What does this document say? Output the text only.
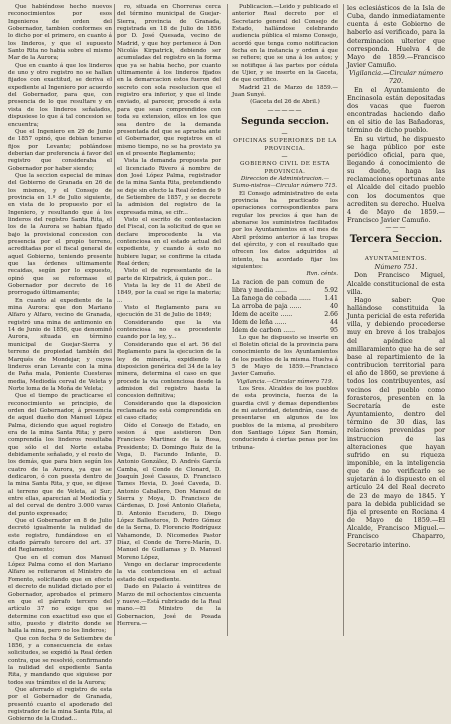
Que habiéndose hecho nuevos reconocimientos por esos Ingenieros de orden del Gobernador, tambien conformes en lo dicho por el primero, en cuanto á los linderos, y que el supuesto Santo Rita no habia sobre el mismo Mar de la Aurora;

Que en cuanto á que los linderos de uno y otro registro no se hallan fijados con exactitud, se deriva el expediente al Ingeniero por acuerdo del Gobernador, para que, con presencia de lo que resultare y en vista de los linderos señalados, dispusiese lo que á tal concesion se encuentra;

Que el Ingeniero en 29 de Junio de 1857 opinó, que debian tenerse fijos por Levante; poblándose deberian dar preferencia á favor del registro que consideraba el Gobernador por haber siendo;

Que la seccion especial de minas del Gobierno de Granada en 26 de los mismos, y el Consejo de provincia en 1.º de Julio siguiente, en vista de lo propuesto por el Ingeniero, y resultando que á los linderos del registro Santa Rita, el los de la Aurora se habian fijado bajo la provisional concesion con presencia por el propio terreno, acreditadas por el fiscal general de aquel Gobierno, teniendo presente que las órdenes ultimamente recaidas, según por lo expuesto, opinó que se reformase el Gobernador por decreto de 16 prorrogado últimamente;

En cuanto al expediente de la mina Aurora: que don Mariano Alfaro y Alfaro, vecino de Granada, registró una mina de antimonio en 14 de Junio de 1856, que denominó Aurora, situada en término municipal de Guejar-Sierra y terreno de propiedad también del Marqués de Mondejar, y cuyos linderos eran Levante con la mina de Paña mala, Poniente Cuesteras media, Mediodía cerval de Veleta y Norte loma de la Moña de Veleta;

Que el tiempo de practicarse el reconocimiento se principio, de orden del Gobernador, á presencia de aquel dueño don Manuel López Palma, diciendo que aquel registro era de la mina Santa Rita; y pero comprendía los linderos resultaba que sólo el del Norte estaba debidamente señalado, y el resto de los demás, que para bien según los cuatro de la Aurora, ya que se dedicaron, ó con puesta dentro de la mina Santa Rita, y que, se dijese al terreno que de Veleta, al Sur; entre ellas, aparecian al Mediodía y al del cerval de dentro 3.000 varas del punto expresado;

Que el Gobernador en 8 de Julio decretó igualmente la nulidad de este registro, fundándose en el citado párrafo tercero del art. 37 del Reglamento;

Que en el comun dos Manuel López Palma como el don Mariano Alfaro se reiteraron el Ministro de Fomento, solicitando que en efecto el decreto de nulidad dictado por el Gobernador, aprobados el primero en que el párrafo tercero del artículo 37 no exige que se determine con exactitud eso que el sitio, puesto y distrito donde se halla la mina, pero no los linderos;

Que con fecha 9 de Setiembre de 1856, y a consecuencia de estas solicitudes, se expidió la Real órden contra, que se resolvió, confirmando la nulidad del expediente Santa Rita, y mandando que siguiese por todos sus trámites el de la Aurora;

Que aferrado el registro de esta por el Gobernador de Granada, presentó cuanto el apoderado del registrador de la mina Santa Rita, al Gobierno de la Ciudad...

ro, situada en Chorreras cerca del término municipal de Guejar-Sierra, provincia de Granada, registrada en 18 de Julio de 1856 por D. José Quesada, vecino de Madrid, y que hoy pertenece á Don Nicolás Kirpatrick, debiendo ser acumuladas del registro en la forma que ya se habia hecho, por cuanto ultimamente á los linderos fijados en la demarcacion estos fueron del secreto con sola resolucion que el registro era inferior, y que el linde enviado, al parecer, procede á esta para que sean comprendidos con toda su extension, ellos en los que sea dentro de la demanda presentada del que se aprueba ante el Gobernador, que registros en el mismo tiempo, no se ha provisto ya en el presente Reglamento;

Vista la demanda propuesta por el licenciado Rivero á nombre de don José López Palma, registrador de la mina Santa Rita, pretendiendo se deje sin efecto la Real órden de 9 de Setiembre de 1857, y se decrete la admision del registro de la expresada mina, se cifr...

Visto el escrito de contestacion del Fiscal, con la solicitud de que se declare improcedente la via contenciosa en el estado actual del expediente, y cuando á esto no hubiere lugar, se confirme la citada Real órden;

Visto el de representante de la parte de Kirpatrick, á quien por...

Vista la ley de 11 de Abril de 1849, por la cual se rige la materia; ...

Visto el Reglamento para su ejecución de 31 de Julio de 1849;

Considerando que la via contenciosa no es procedente cuando por la ley, y...

Considerando que el art. 56 del Reglamento para la ejecucion de la ley de minería, expidiendo la disposicion genérica del 34 de la ley minera, determina el caso en que procede la via contenciosa desde la admision del registro hasta la concesion definitiva;

Considerando que la disposicion reclamada no está comprendida en el caso citado;

Oído el Consejo de Estado, en sesion á que asistieron Don Francisco Martinez de la Rosa, Presidente; D. Domingo Ruiz de la Vega, D. Facundo Infante, D. Antonio González, D. Andrés García Camba, el Conde de Clonard, D. Joaquín José Casaus, D. Francisco Tames Hevia, D. José Caveda, D. Antonio Caballero, Don Manuel de Sierra y Moya, D. Francisco de Cárdenas, D. José Antonio Olañeta, D. Antonio Escudero, D. Diego López Ballesteros, D. Pedro Gómez de la Serna, D. Florencio Rodríguez Vahamonde, D. Nicomedes Pastor Díaz, el Conde de Torre-Marín, D. Manuel de Guillamas y D. Manuel Moreno López,

Vengo en declarar improcedente la via contenciosa en el actual estado del expediente.

Dado en Palacio á veintitres de Marzo de mil ochocientos cincuenta y nueve.—Está rubricado de la Real mano.—El Ministro de la Gobernacion, José de Posada Herrera.—

Publicacion.—Leido y publicado el anterior Real decreto por el Secretario general del Consejo de Estado, hallándose celebrando audiencia pública el mismo Consejo, acordó que tenga como notificacion fecha en la instancia y orden á que se refiere; que se una á los autos; y se notifique á las partes por cédula de Ujier, y se inserte en la Gaceta, de que certifico.

Madrid 21 de Marzo de 1859.—Juan Sunyé.

(Gaceta del 26 de Abril.)
—————
Segunda seccion.
—
OFICINAS SUPERIORES DE LA PROVINCIA.
—
GOBIERNO CIVIL DE ESTA PROVINCIA.
Direccion de Administracion.—Sumo-nistros—Circular número 715.

El Consejo administrativo de esta provincia ha practicado los operaciones correspondientes para regular los precios á que han de abonarse los suministros facilitados por los Ayuntamientos en el mes de Abril próximo anterior á las tropas del ejército, y con el resultado que ofrecen los datos adquiridos al intento, ha acordado fijar los siguientes:

Rvn. cénts.
La racion de pan comun de libra y media ......	5.92
La fanega de cebada ......	1.41
La arroba de paja ......	40
Idem de aceite ......	2.66
Idem de leña ......	44
Idem de carbon ......	95

Lo que he dispuesto se inserte en el Boletin oficial de la provincia para conocimiento de los Ayuntamientos de los pueblos de la misma. Huelva á 5 de Mayo de 1859.—Francisco Javier Camuño.

Vigilancia.—Circular número 719.

Los Sres. Alcaldes de los pueblos de esta provincia, fuerza de la guardia civil y demas dependientes de mi autoridad, detendrán, caso de presentarse en algunos de los pueblos de la misma, al presbítero don Santiago López San Román, conduciendo á ciertas penas por los tribuna-

les eclesiásticos de la Isla de Cuba, dando inmediatamente cuenta á este Gobierno de haberlo así verificado, para la determinacion ulterior que corresponda. Huelva 4 de Mayo de 1859.—Francisco Javier Camuño.

Vigilancia.—Circular número 720.

En el Ayuntamiento de Encinasola están depositadas dos vacas que fueron encontradas haciendo daño en el sitio de las Bañadoras, término de dicho pueblo.

En su virtud, he dispuesto se haga público por este periódico oficial, para que, llegando á conocimiento de su dueño, haga las reclamaciones oportunas ante el Alcalde del citado pueblo con los documentos que acrediten su derecho. Huelva 4 de Mayo de 1859.—Francisco Javier Camuño.

———
Tercera Seccion.
—
AYUNTAMIENTOS.
Número 751.

Don Francisco Miguel, Alcalde constitucional de esta villa.

Hago saber: Que hallándose constituida la Junta pericial de esta referida villa, y debiendo procederse muy en breve á los trabajos del apéndice al amillaramiento que ha de ser base al repartimiento de la contribucion territorial para el año de 1860, se previene á todos los contribuyentes, así vecinos del pueblo como forasteros, presenten en la Secretaría de este Ayuntamiento, dentro del término de 30 dias, las relaciones prevenidas por instruccion de las alteraciones que hayan sufrido en su riqueza imponible, en la inteligencia que de no verificarlo se sujetarán á lo dispuesto en el artículo 24 del Real decreto de 23 de mayo de 1845. Y para la debida publicidad se fija el presente en Rociana 4 de Mayo de 1859.—El Alcalde, Francisco Miguel.—Francisco Chaparro, Secretario interino.
